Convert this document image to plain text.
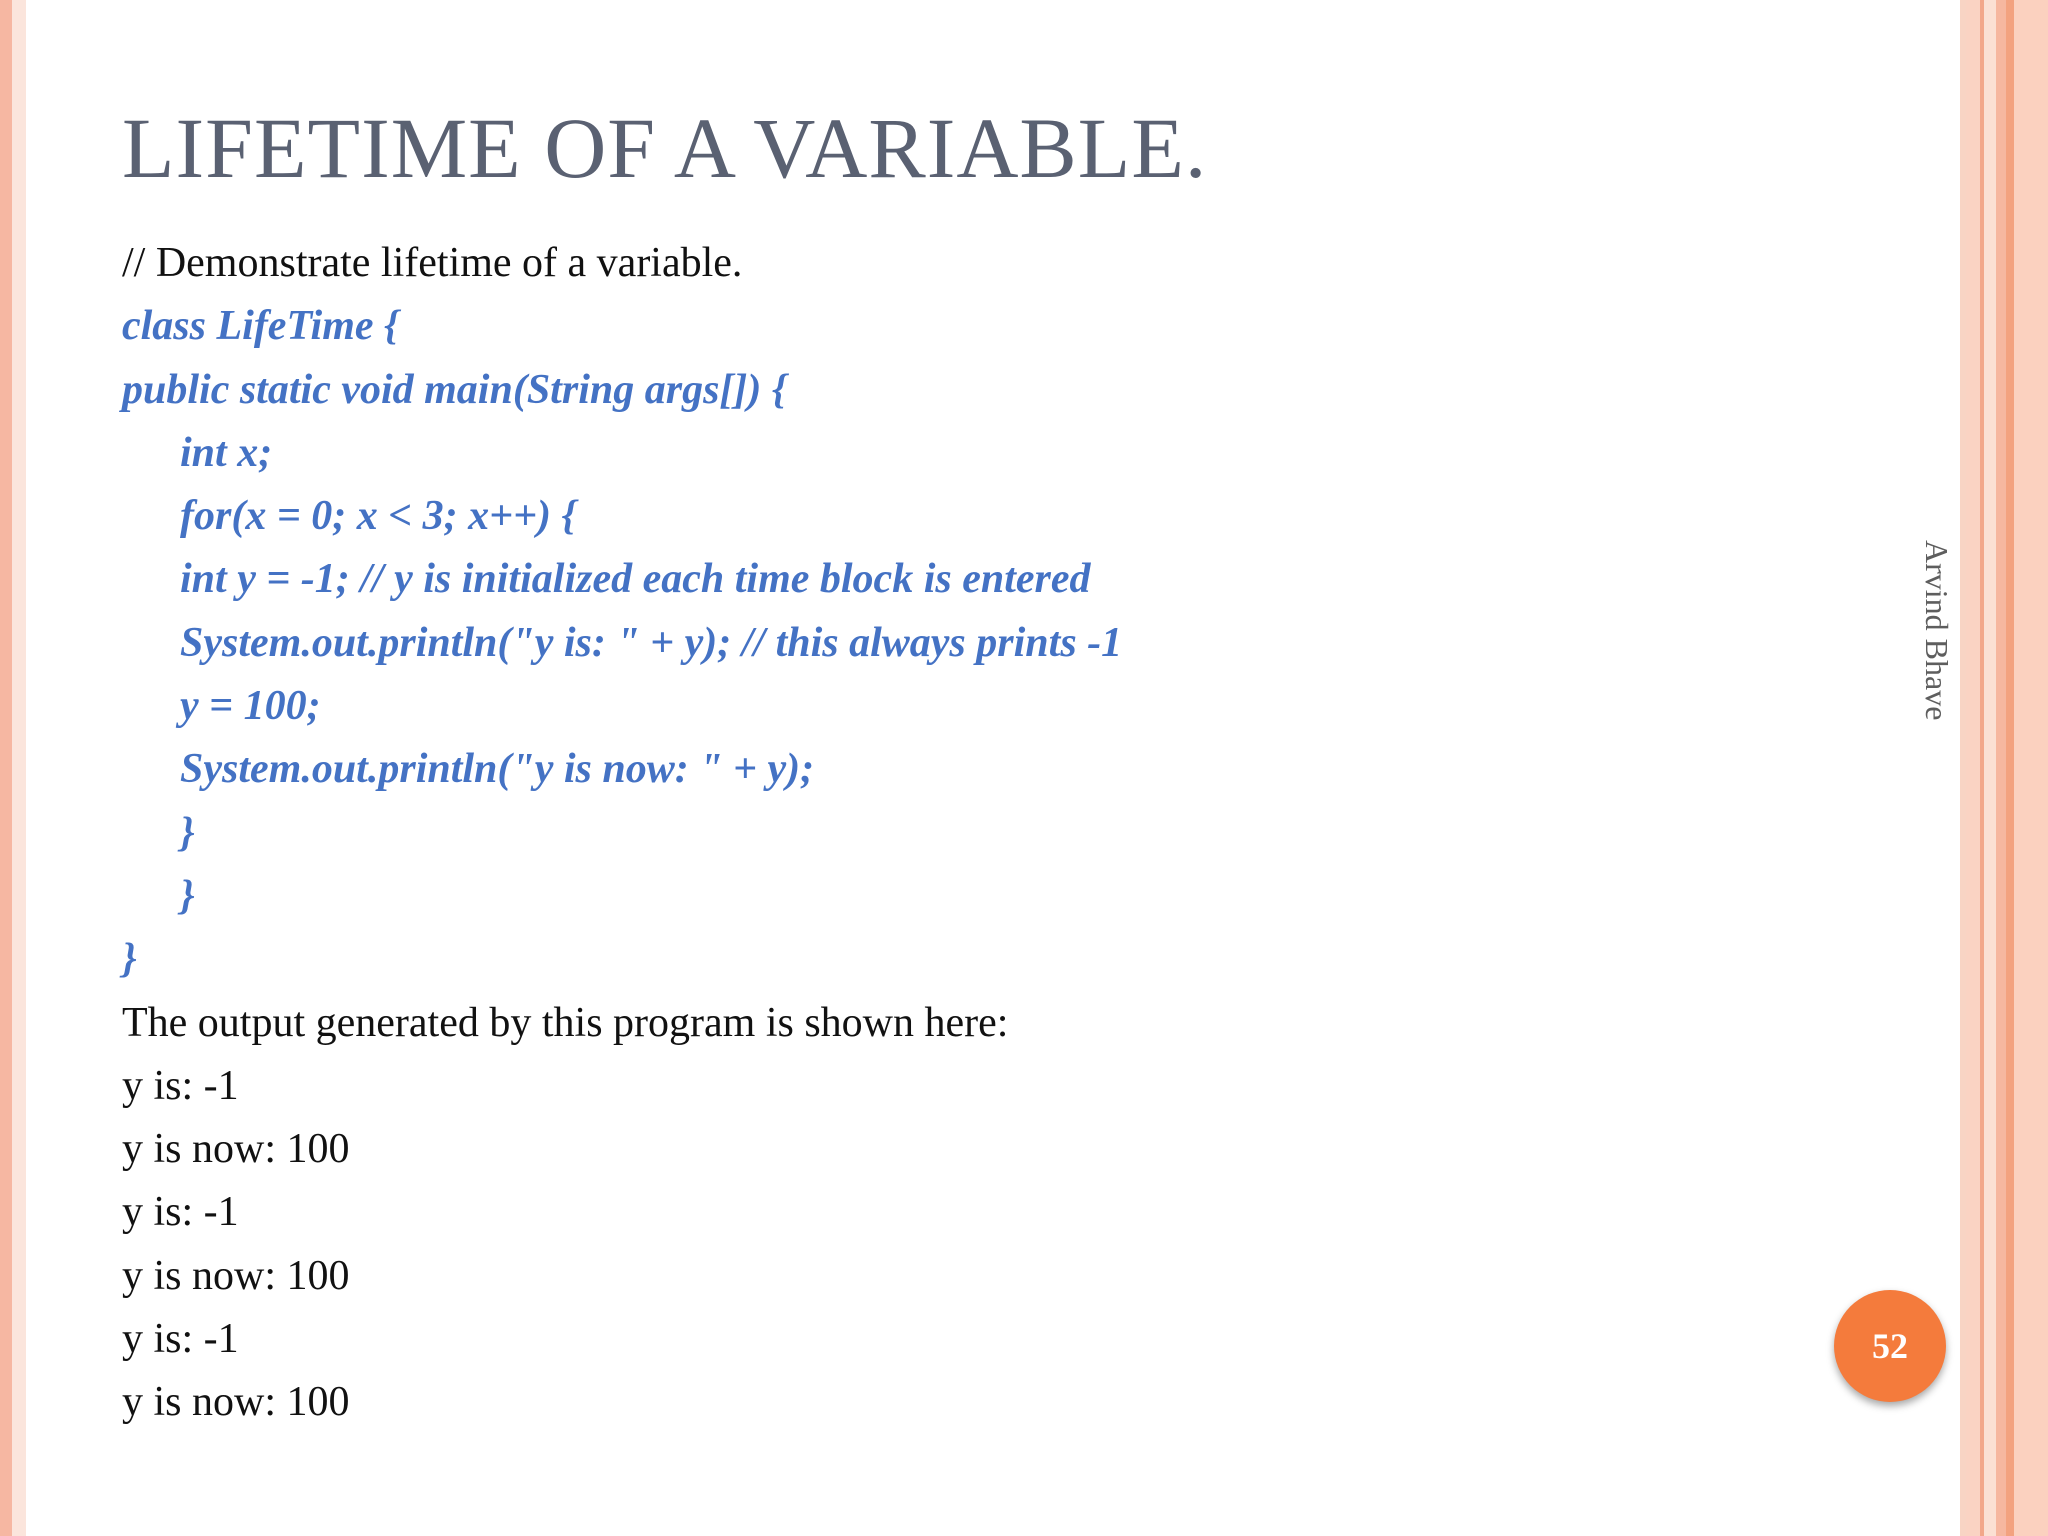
LIFETIME OF A VARIABLE.
// Demonstrate lifetime of a variable.
class LifeTime {
public static void main(String args[]) {
int x;
for(x = 0; x < 3; x++) {
int y = -1; // y is initialized each time block is entered
System.out.println("y is: " + y); // this always prints -1
y = 100;
System.out.println("y is now: " + y);
}
}
}
The output generated by this program is shown here:
y is: -1
y is now: 100
y is: -1
y is now: 100
y is: -1
y is now: 100
Arvind Bhave
52
